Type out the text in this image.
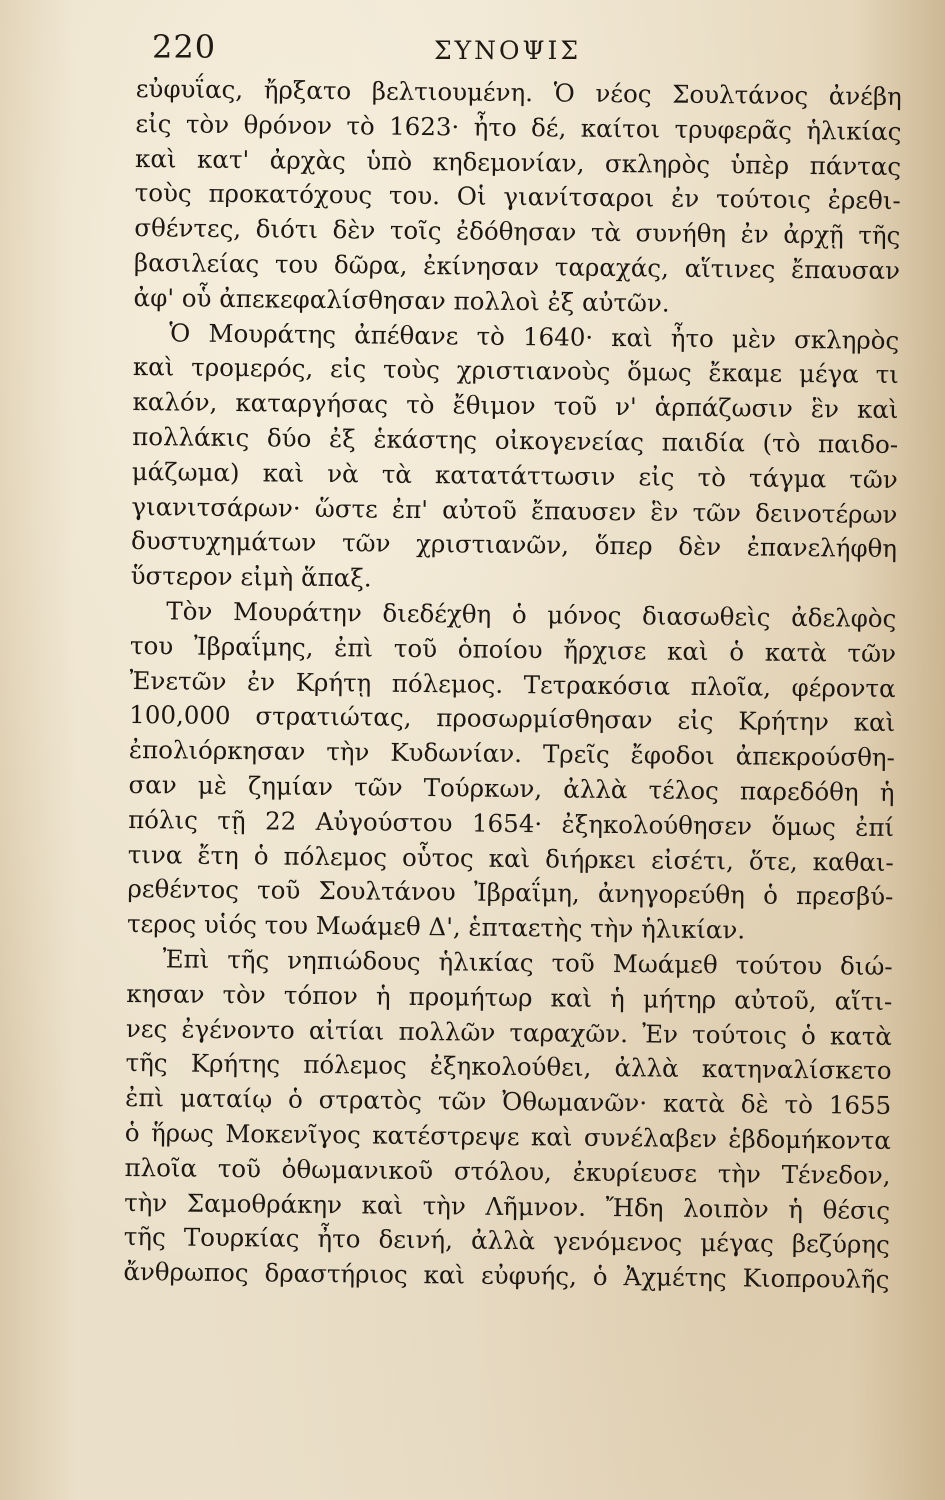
220	ΣΥΝΟΨΙΣ
εὐφυΐας, ἤρξατο βελτιουμένη. Ὁ νέος Σουλτάνος ἀνέβη
εἰς τὸν θρόνον τὸ 1623· ἦτο δέ, καίτοι τρυφερᾶς ἡλικίας
καὶ κατ' ἀρχὰς ὑπὸ κηδεμονίαν, σκληρὸς ὑπὲρ πάντας
τοὺς προκατόχους του. Οἱ γιανίτσαροι ἐν τούτοις ἐρεθι-
σθέντες, διότι δὲν τοῖς ἐδόθησαν τὰ συνήθη ἐν ἀρχῇ τῆς
βασιλείας του δῶρα, ἐκίνησαν ταραχάς, αἵτινες ἔπαυσαν
ἀφ' οὗ ἀπεκεφαλίσθησαν πολλοὶ ἐξ αὐτῶν.
Ὁ Μουράτης ἀπέθανε τὸ 1640· καὶ ἦτο μὲν σκληρὸς
καὶ τρομερός, εἰς τοὺς χριστιανοὺς ὅμως ἔκαμε μέγα τι
καλόν, καταργήσας τὸ ἔθιμον τοῦ ν' ἁρπάζωσιν ἓν καὶ
πολλάκις δύο ἐξ ἑκάστης οἰκογενείας παιδία (τὸ παιδο-
μάζωμα) καὶ νὰ τὰ κατατάττωσιν εἰς τὸ τάγμα τῶν
γιανιτσάρων· ὥστε ἐπ' αὐτοῦ ἔπαυσεν ἓν τῶν δεινοτέρων
δυστυχημάτων τῶν χριστιανῶν, ὅπερ δὲν ἐπανελήφθη
ὕστερον εἰμὴ ἅπαξ.
Τὸν Μουράτην διεδέχθη ὁ μόνος διασωθεὶς ἀδελφὸς
του Ἰβραΐμης, ἐπὶ τοῦ ὁποίου ἤρχισε καὶ ὁ κατὰ τῶν
Ἐνετῶν ἐν Κρήτῃ πόλεμος. Τετρακόσια πλοῖα, φέροντα
100,000 στρατιώτας, προσωρμίσθησαν εἰς Κρήτην καὶ
ἐπολιόρκησαν τὴν Κυδωνίαν. Τρεῖς ἔφοδοι ἀπεκρούσθη-
σαν μὲ ζημίαν τῶν Τούρκων, ἀλλὰ τέλος παρεδόθη ἡ
πόλις τῇ 22 Αὐγούστου 1654· ἐξηκολούθησεν ὅμως ἐπί
τινα ἔτη ὁ πόλεμος οὗτος καὶ διήρκει εἰσέτι, ὅτε, καθαι-
ρεθέντος τοῦ Σουλτάνου Ἰβραΐμη, ἀνηγορεύθη ὁ πρεσβύ-
τερος υἱός του Μωάμεθ Δ', ἑπταετὴς τὴν ἡλικίαν.
Ἐπὶ τῆς νηπιώδους ἡλικίας τοῦ Μωάμεθ τούτου διώ-
κησαν τὸν τόπον ἡ προμήτωρ καὶ ἡ μήτηρ αὐτοῦ, αἵτι-
νες ἐγένοντο αἰτίαι πολλῶν ταραχῶν. Ἐν τούτοις ὁ κατὰ
τῆς Κρήτης πόλεμος ἐξηκολούθει, ἀλλὰ κατηναλίσκετο
ἐπὶ ματαίῳ ὁ στρατὸς τῶν Ὀθωμανῶν· κατὰ δὲ τὸ 1655
ὁ ἥρως Μοκενῖγος κατέστρεψε καὶ συνέλαβεν ἑβδομήκοντα
πλοῖα τοῦ ὀθωμανικοῦ στόλου, ἐκυρίευσε τὴν Τένεδον,
τὴν Σαμοθράκην καὶ τὴν Λῆμνον. Ἤδη λοιπὸν ἡ θέσις
τῆς Τουρκίας ἦτο δεινή, ἀλλὰ γενόμενος μέγας βεζύρης
ἄνθρωπος δραστήριος καὶ εὐφυής, ὁ Ἀχμέτης Κιοπρουλῆς
